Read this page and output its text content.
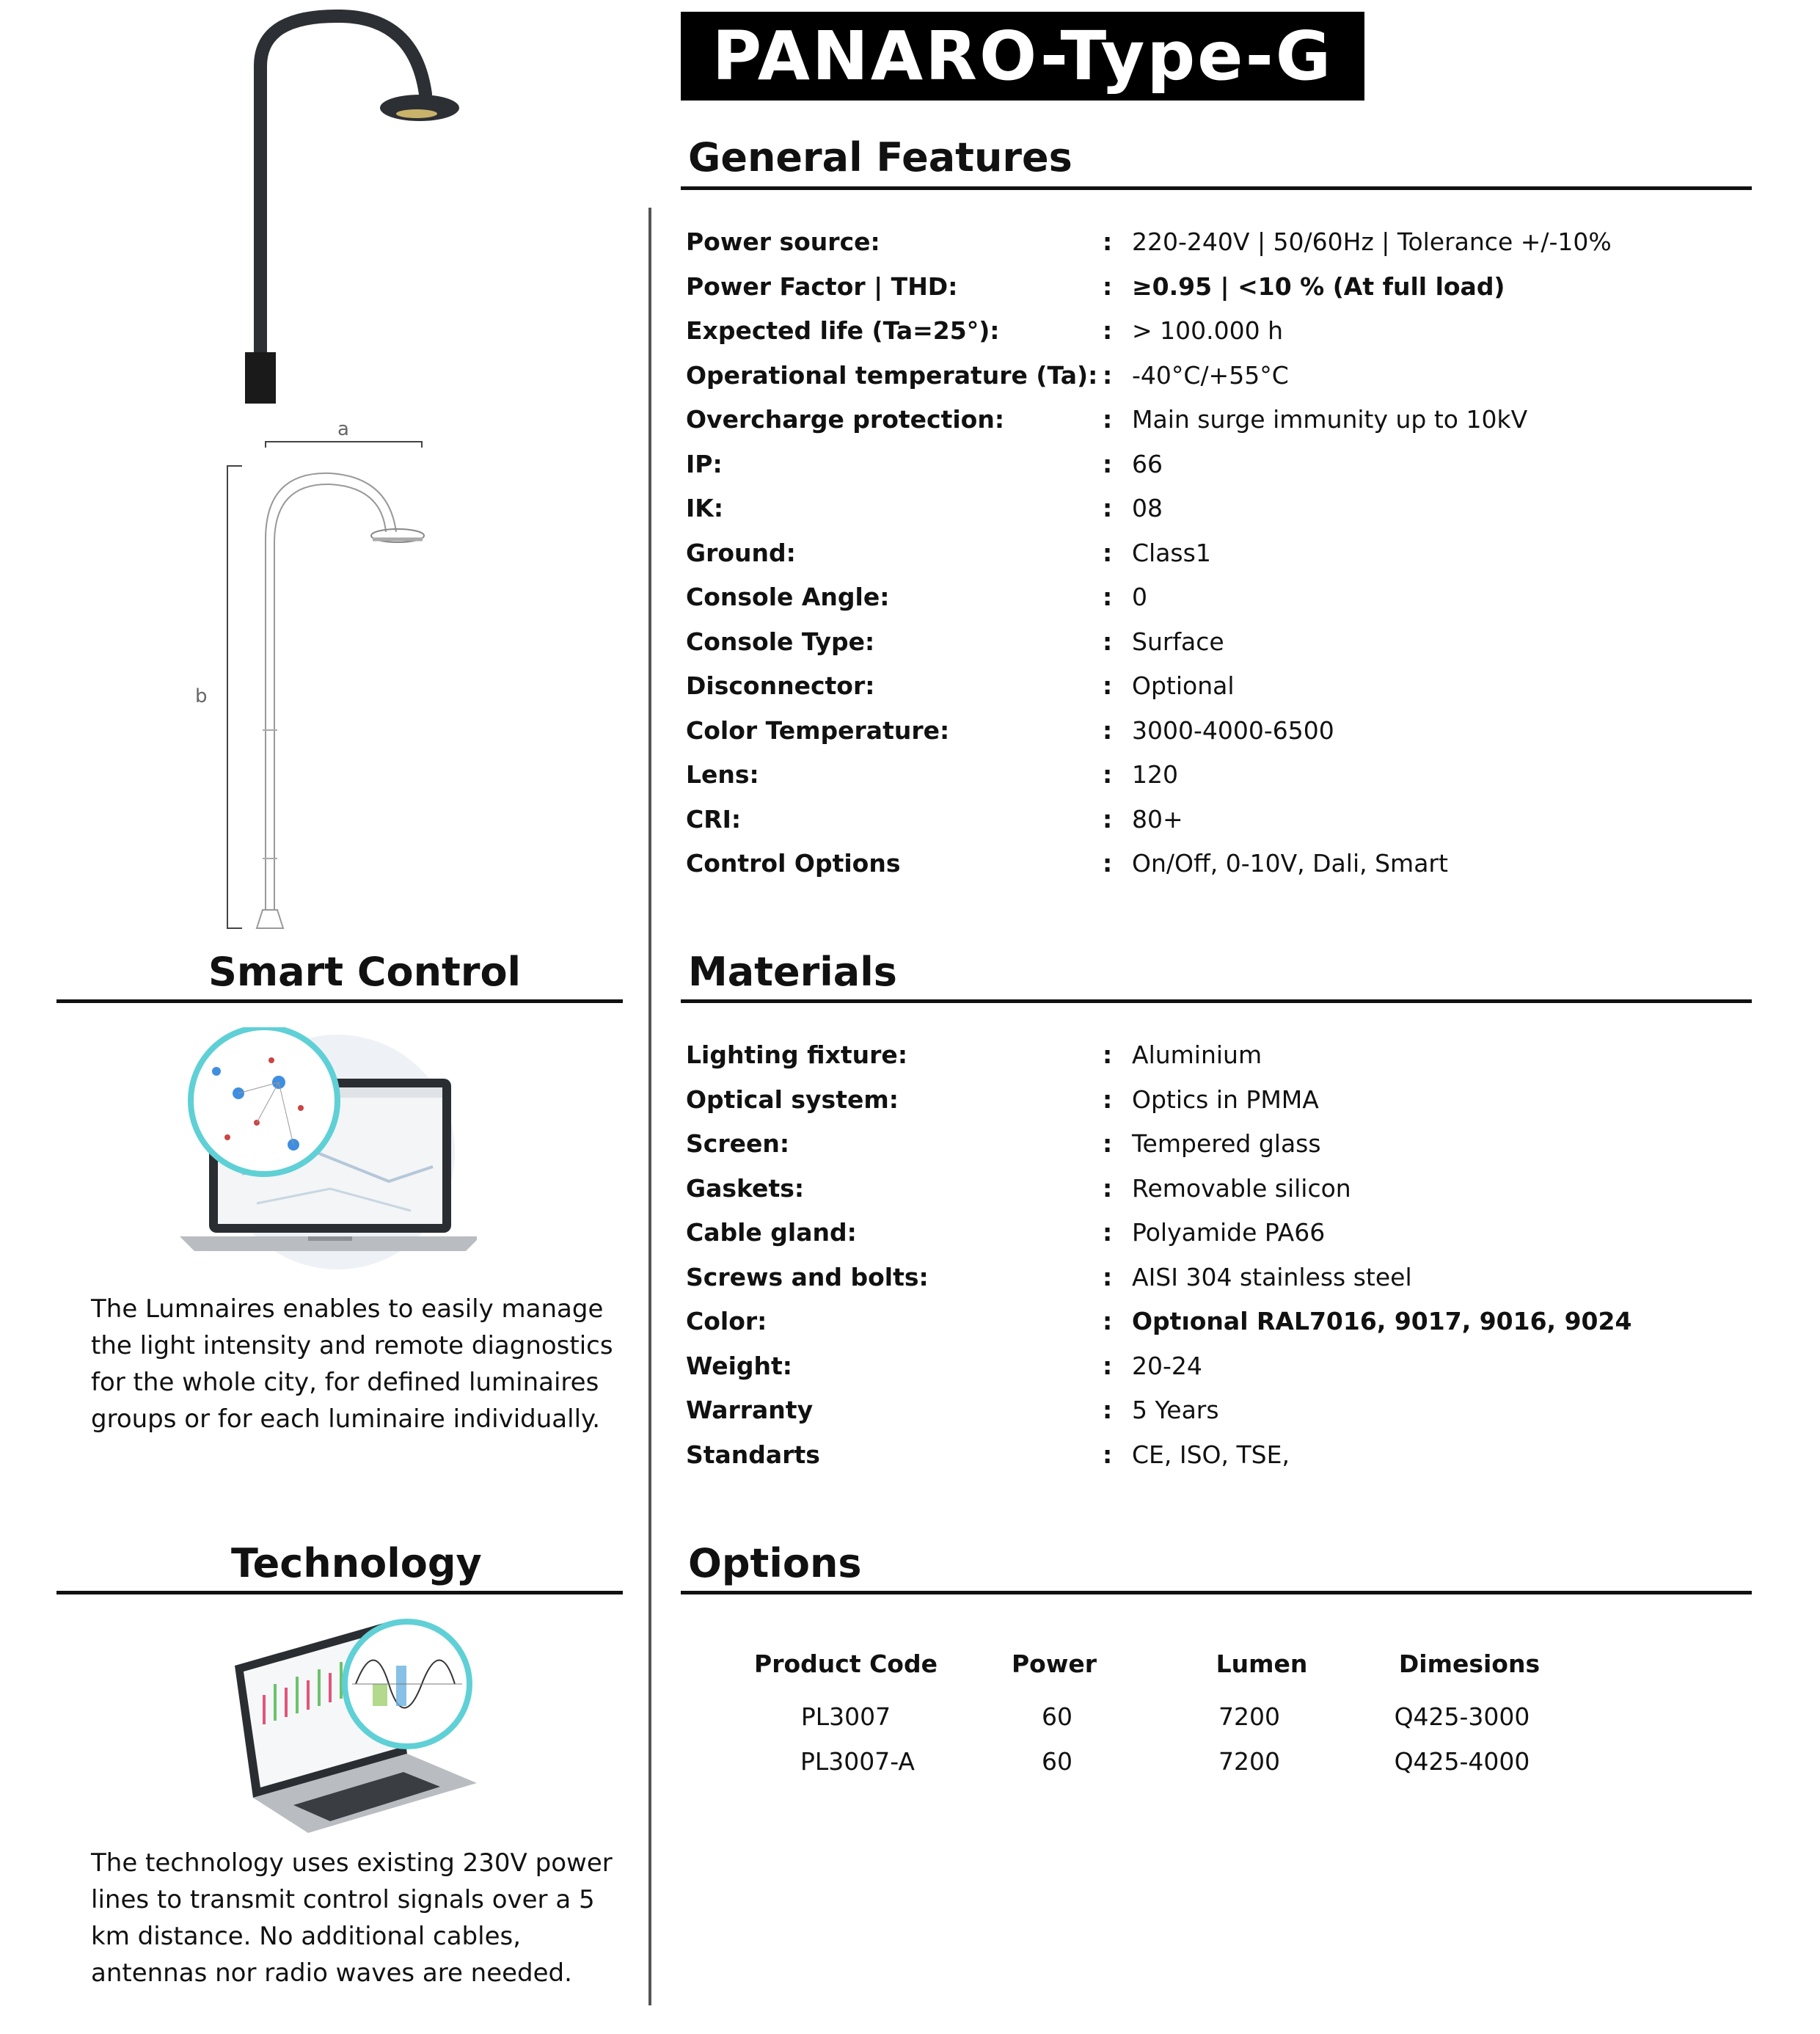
PANARO-Type-G
a
b
General Features
Power source:	: 220-240V | 50/60Hz | Tolerance +/-10%
Power Factor | THD:	: ≥0.95 | <10 % (At full load)
Expected life (Ta=25°):	: > 100.000 h
Operational temperature (Ta): : -40°C/+55°C
Overcharge protection:	: Main surge immunity up to 10kV
IP:	: 66
IK:	: 08
Ground:	: Class1
Console Angle:	: 0
Console Type:	: Surface
Disconnector:	: Optional
Color Temperature:	: 3000-4000-6500
Lens:	: 120
CRI:	: 80+
Control Options	: On/Off, 0-10V, Dali, Smart
Materials
Lighting fixture:	: Aluminium
Optical system:	: Optics in PMMA
Screen:	: Tempered glass
Gaskets:	: Removable silicon
Cable gland:	: Polyamide PA66
Screws and bolts:	: AISI 304 stainless steel
Color:	: Optıonal RAL7016, 9017, 9016, 9024
Weight:	: 20-24
Warranty	: 5 Years
Standarts	: CE, ISO, TSE,
Options
Product Code	Power	Lumen	Dimesions
PL3007	60	7200	Q425-3000
PL3007-A	60	7200	Q425-4000
Smart Control

The Lumnaires enables to easily manage the light intensity and remote diagnostics for the whole city, for defined luminaires groups or for each luminaire individually.

Technology

The technology uses existing 230V power lines to transmit control signals over a 5 km distance. No additional cables, antennas nor radio waves are needed.
